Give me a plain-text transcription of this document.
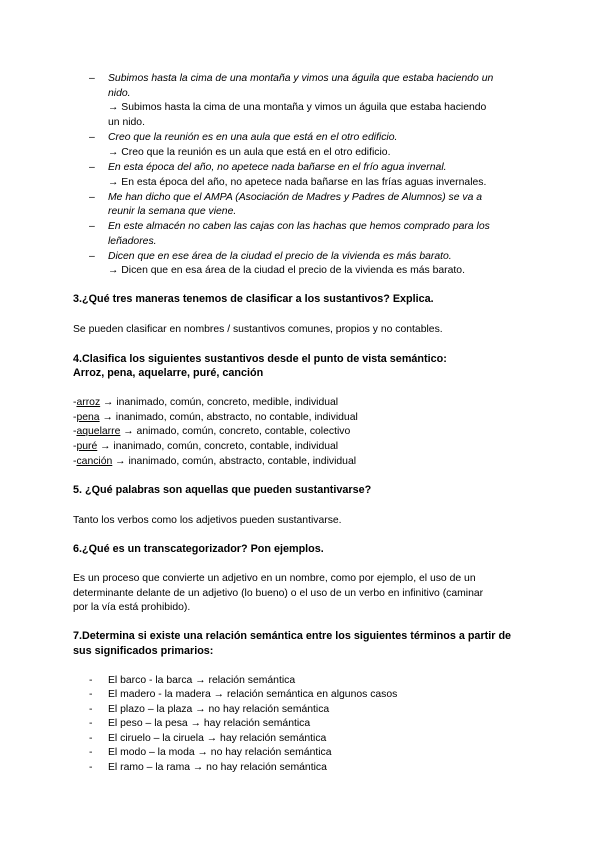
– Subimos hasta la cima de una montaña y vimos una águila que estaba haciendo un
nido.
→ Subimos hasta la cima de una montaña y vimos un águila que estaba haciendo
un nido.
– Creo que la reunión es en una aula que está en el otro edificio.
→ Creo que la reunión es un aula que está en el otro edificio.
– En esta época del año, no apetece nada bañarse en el frío agua invernal.
→ En esta época del año, no apetece nada bañarse en las frías aguas invernales.
– Me han dicho que el AMPA (Asociación de Madres y Padres de Alumnos) se va a
reunir la semana que viene.
– En este almacén no caben las cajas con las hachas que hemos comprado para los
leñadores.
– Dicen que en ese área de la ciudad el precio de la vivienda es más barato.
→ Dicen que en esa área de la ciudad el precio de la vivienda es más barato.
3.¿Qué tres maneras tenemos de clasificar a los sustantivos? Explica.
Se pueden clasificar en nombres / sustantivos comunes, propios y no contables.
4.Clasifica los siguientes sustantivos desde el punto de vista semántico:
Arroz, pena, aquelarre, puré, canción
-arroz → inanimado, común, concreto, medible, individual
-pena → inanimado, común, abstracto, no contable, individual
-aquelarre → animado, común, concreto, contable, colectivo
-puré → inanimado, común, concreto, contable, individual
-canción → inanimado, común, abstracto, contable, individual
5. ¿Qué palabras son aquellas que pueden sustantivarse?
Tanto los verbos como los adjetivos pueden sustantivarse.
6.¿Qué es un transcategorizador? Pon ejemplos.
Es un proceso que convierte un adjetivo en un nombre, como por ejemplo, el uso de un
determinante delante de un adjetivo (lo bueno) o el uso de un verbo en infinitivo (caminar
por la vía está prohibido).
7.Determina si existe una relación semántica entre los siguientes términos a partir de
sus significados primarios:
- El barco - la barca → relación semántica
- El madero - la madera → relación semántica en algunos casos
- El plazo – la plaza → no hay relación semántica
- El peso – la pesa → hay relación semántica
- El ciruelo – la ciruela → hay relación semántica
- El modo – la moda → no hay relación semántica
- El ramo – la rama → no hay relación semántica
